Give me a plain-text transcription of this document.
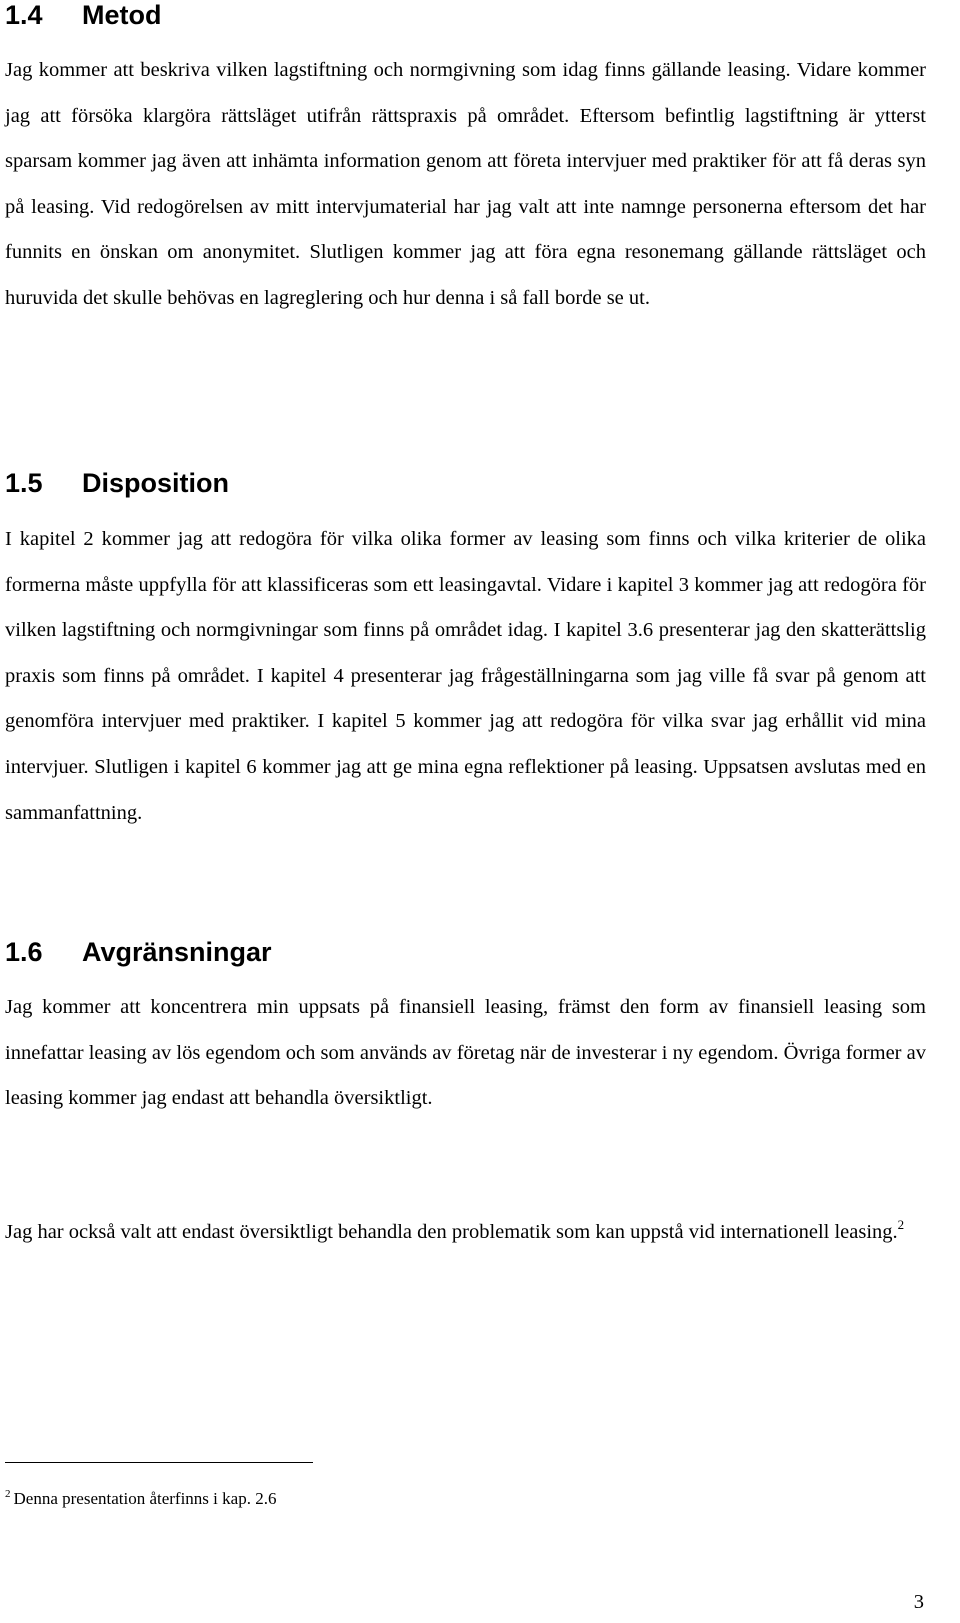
1.4 Metod

Jag kommer att beskriva vilken lagstiftning och normgivning som idag finns gällande leasing. Vidare kommer jag att försöka klargöra rättsläget utifrån rättspraxis på området. Eftersom befintlig lagstiftning är ytterst sparsam kommer jag även att inhämta information genom att företa intervjuer med praktiker för att få deras syn på leasing. Vid redogörelsen av mitt intervjumaterial har jag valt att inte namnge personerna eftersom det har funnits en önskan om anonymitet. Slutligen kommer jag att föra egna resonemang gällande rättsläget och huruvida det skulle behövas en lagreglering och hur denna i så fall borde se ut.

1.5 Disposition

I kapitel 2 kommer jag att redogöra för vilka olika former av leasing som finns och vilka kriterier de olika formerna måste uppfylla för att klassificeras som ett leasingavtal. Vidare i kapitel 3 kommer jag att redogöra för vilken lagstiftning och normgivningar som finns på området idag. I kapitel 3.6 presenterar jag den skatterättslig praxis som finns på området. I kapitel 4 presenterar jag frågeställningarna som jag ville få svar på genom att genomföra intervjuer med praktiker. I kapitel 5 kommer jag att redogöra för vilka svar jag erhållit vid mina intervjuer. Slutligen i kapitel 6 kommer jag att ge mina egna reflektioner på leasing. Uppsatsen avslutas med en sammanfattning.

1.6 Avgränsningar

Jag kommer att koncentrera min uppsats på finansiell leasing, främst den form av finansiell leasing som innefattar leasing av lös egendom och som används av företag när de investerar i ny egendom. Övriga former av leasing kommer jag endast att behandla översiktligt.

Jag har också valt att endast översiktligt behandla den problematik som kan uppstå vid internationell leasing.$^2$

$^2$ Denna presentation återfinns i kap. 2.6
3
